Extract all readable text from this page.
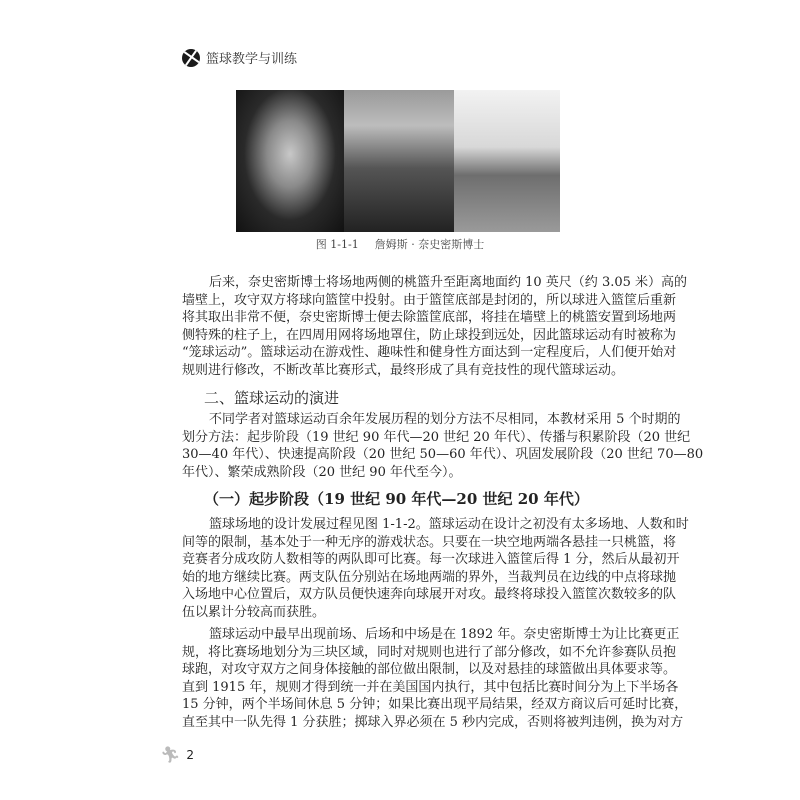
篮球教学与训练
图 1-1-1 詹姆斯 · 奈史密斯博士
后来，奈史密斯博士将场地两侧的桃篮升至距离地面约 10 英尺（约 3.05 米）高的
墙壁上，攻守双方将球向篮筐中投射。由于篮筐底部是封闭的，所以球进入篮筐后重新
将其取出非常不便，奈史密斯博士便去除篮筐底部，将挂在墙壁上的桃篮安置到场地两
侧特殊的柱子上，在四周用网将场地罩住，防止球投到远处，因此篮球运动有时被称为
“笼球运动”。篮球运动在游戏性、趣味性和健身性方面达到一定程度后，人们便开始对
规则进行修改，不断改革比赛形式，最终形成了具有竞技性的现代篮球运动。
二、篮球运动的演进
不同学者对篮球运动百余年发展历程的划分方法不尽相同，本教材采用 5 个时期的
划分方法：起步阶段（19 世纪 90 年代—20 世纪 20 年代）、传播与积累阶段（20 世纪
30—40 年代）、快速提高阶段（20 世纪 50—60 年代）、巩固发展阶段（20 世纪 70—80
年代）、繁荣成熟阶段（20 世纪 90 年代至今）。
（一）起步阶段（19 世纪 90 年代—20 世纪 20 年代）
篮球场地的设计发展过程见图 1-1-2。篮球运动在设计之初没有太多场地、人数和时
间等的限制，基本处于一种无序的游戏状态。只要在一块空地两端各悬挂一只桃篮，将
竞赛者分成攻防人数相等的两队即可比赛。每一次球进入篮筐后得 1 分，然后从最初开
始的地方继续比赛。两支队伍分别站在场地两端的界外，当裁判员在边线的中点将球抛
入场地中心位置后，双方队员便快速奔向球展开对攻。最终将球投入篮筐次数较多的队
伍以累计分较高而获胜。
篮球运动中最早出现前场、后场和中场是在 1892 年。奈史密斯博士为让比赛更正
规，将比赛场地划分为三块区域，同时对规则也进行了部分修改，如不允许参赛队员抱
球跑，对攻守双方之间身体接触的部位做出限制，以及对悬挂的球篮做出具体要求等。
直到 1915 年，规则才得到统一并在美国国内执行，其中包括比赛时间分为上下半场各
15 分钟，两个半场间休息 5 分钟；如果比赛出现平局结果，经双方商议后可延时比赛，
直至其中一队先得 1 分获胜；掷球入界必须在 5 秒内完成，否则将被判违例，换为对方
🏃︎ 2
